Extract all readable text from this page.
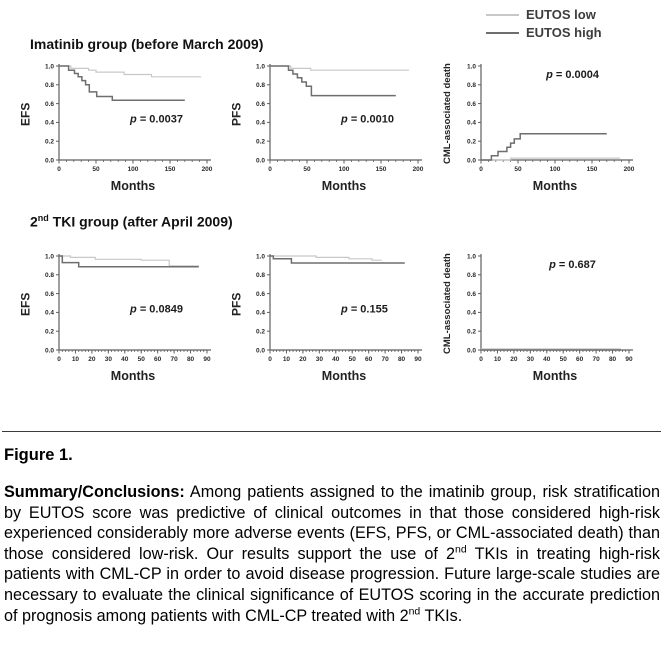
EUTOS low
EUTOS high
Imatinib group (before March 2009)
EFS
0.0
0.2
0.4
0.6
0.8
1.0
0	50	100	150	200
p = 0.0037
Months
PFS
0.0
0.2
0.4
0.6
0.8
1.0
0	50	100	150	200
p = 0.0010
Months
CML-associated death	0.0
0.2
0.4
0.6
0.8
1.0
0	50	100	150	200
p = 0.0004
Months
2nd TKI group (after April 2009)
EFS
0.0
0.2
0.4
0.6
0.8
1.0
0 10 20 30 40 50 60 70 80 90
p = 0.0849
Months
PFS
0.0
0.2
0.4
0.6
0.8
1.0
0 10 20 30 40 50 60 70 80 90
p = 0.155
Months
CML-associated death	0.0
0.2
0.4
0.6
0.8
1.0
0 10 20 30 40 50 60 70 80 90
p = 0.687
Months
Figure 1.

Summary/Conclusions: Among patients assigned to the imatinib group, risk stratification by EUTOS score was predictive of clinical outcomes in that those considered high-risk experienced considerably more adverse events (EFS, PFS, or CML-associated death) than those considered low-risk. Our results support the use of 2nd TKIs in treating high-risk patients with CML-CP in order to avoid disease progression. Future large-scale studies are necessary to evaluate the clinical significance of EUTOS scoring in the accurate prediction of prognosis among patients with CML-CP treated with 2nd TKIs.
